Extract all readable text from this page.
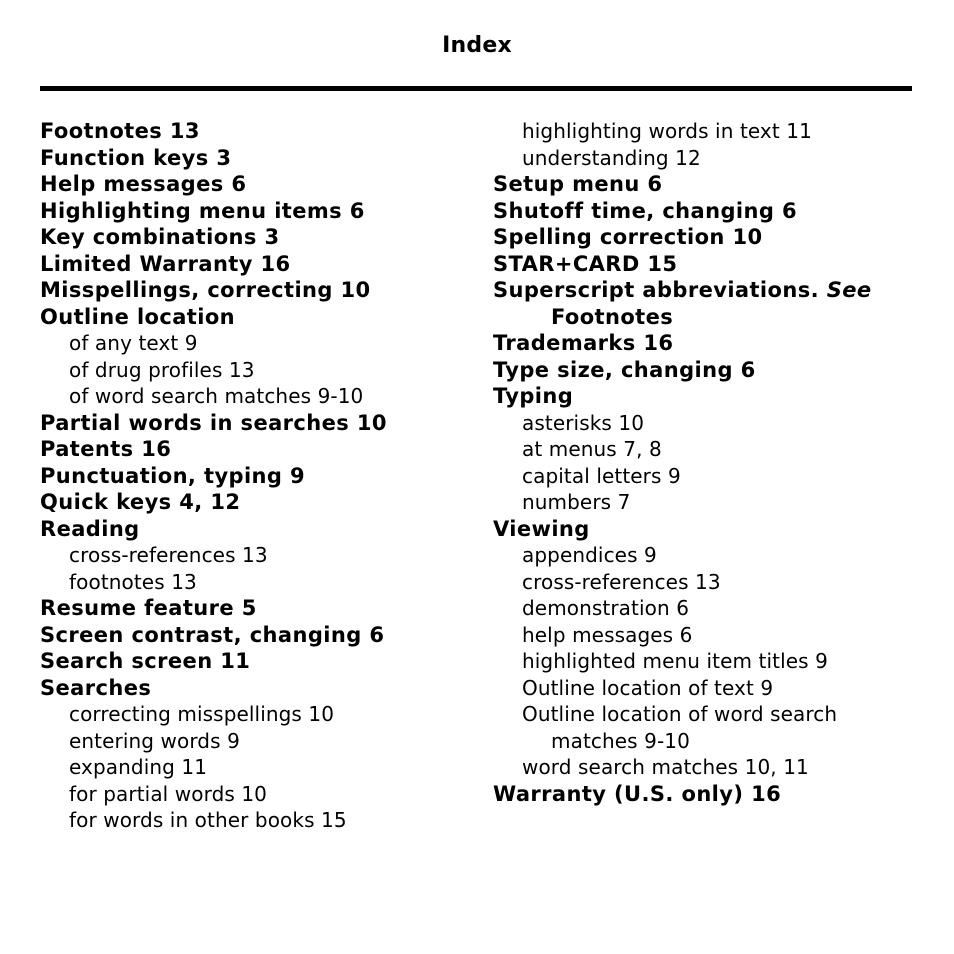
Index
Footnotes 13
Function keys 3
Help messages 6
Highlighting menu items 6
Key combinations 3
Limited Warranty 16
Misspellings, correcting 10
Outline location
of any text 9
of drug profiles 13
of word search matches 9-10
Partial words in searches 10
Patents 16
Punctuation, typing 9
Quick keys 4, 12
Reading
cross-references 13
footnotes 13
Resume feature 5
Screen contrast, changing 6
Search screen 11
Searches
correcting misspellings 10
entering words 9
expanding 11
for partial words 10
for words in other books 15
highlighting words in text 11
understanding 12
Setup menu 6
Shutoff time, changing 6
Spelling correction 10
STAR+CARD 15
Superscript abbreviations. See
Footnotes
Trademarks 16
Type size, changing 6
Typing
asterisks 10
at menus 7, 8
capital letters 9
numbers 7
Viewing
appendices 9
cross-references 13
demonstration 6
help messages 6
highlighted menu item titles 9
Outline location of text 9
Outline location of word search
matches 9-10
word search matches 10, 11
Warranty (U.S. only) 16
